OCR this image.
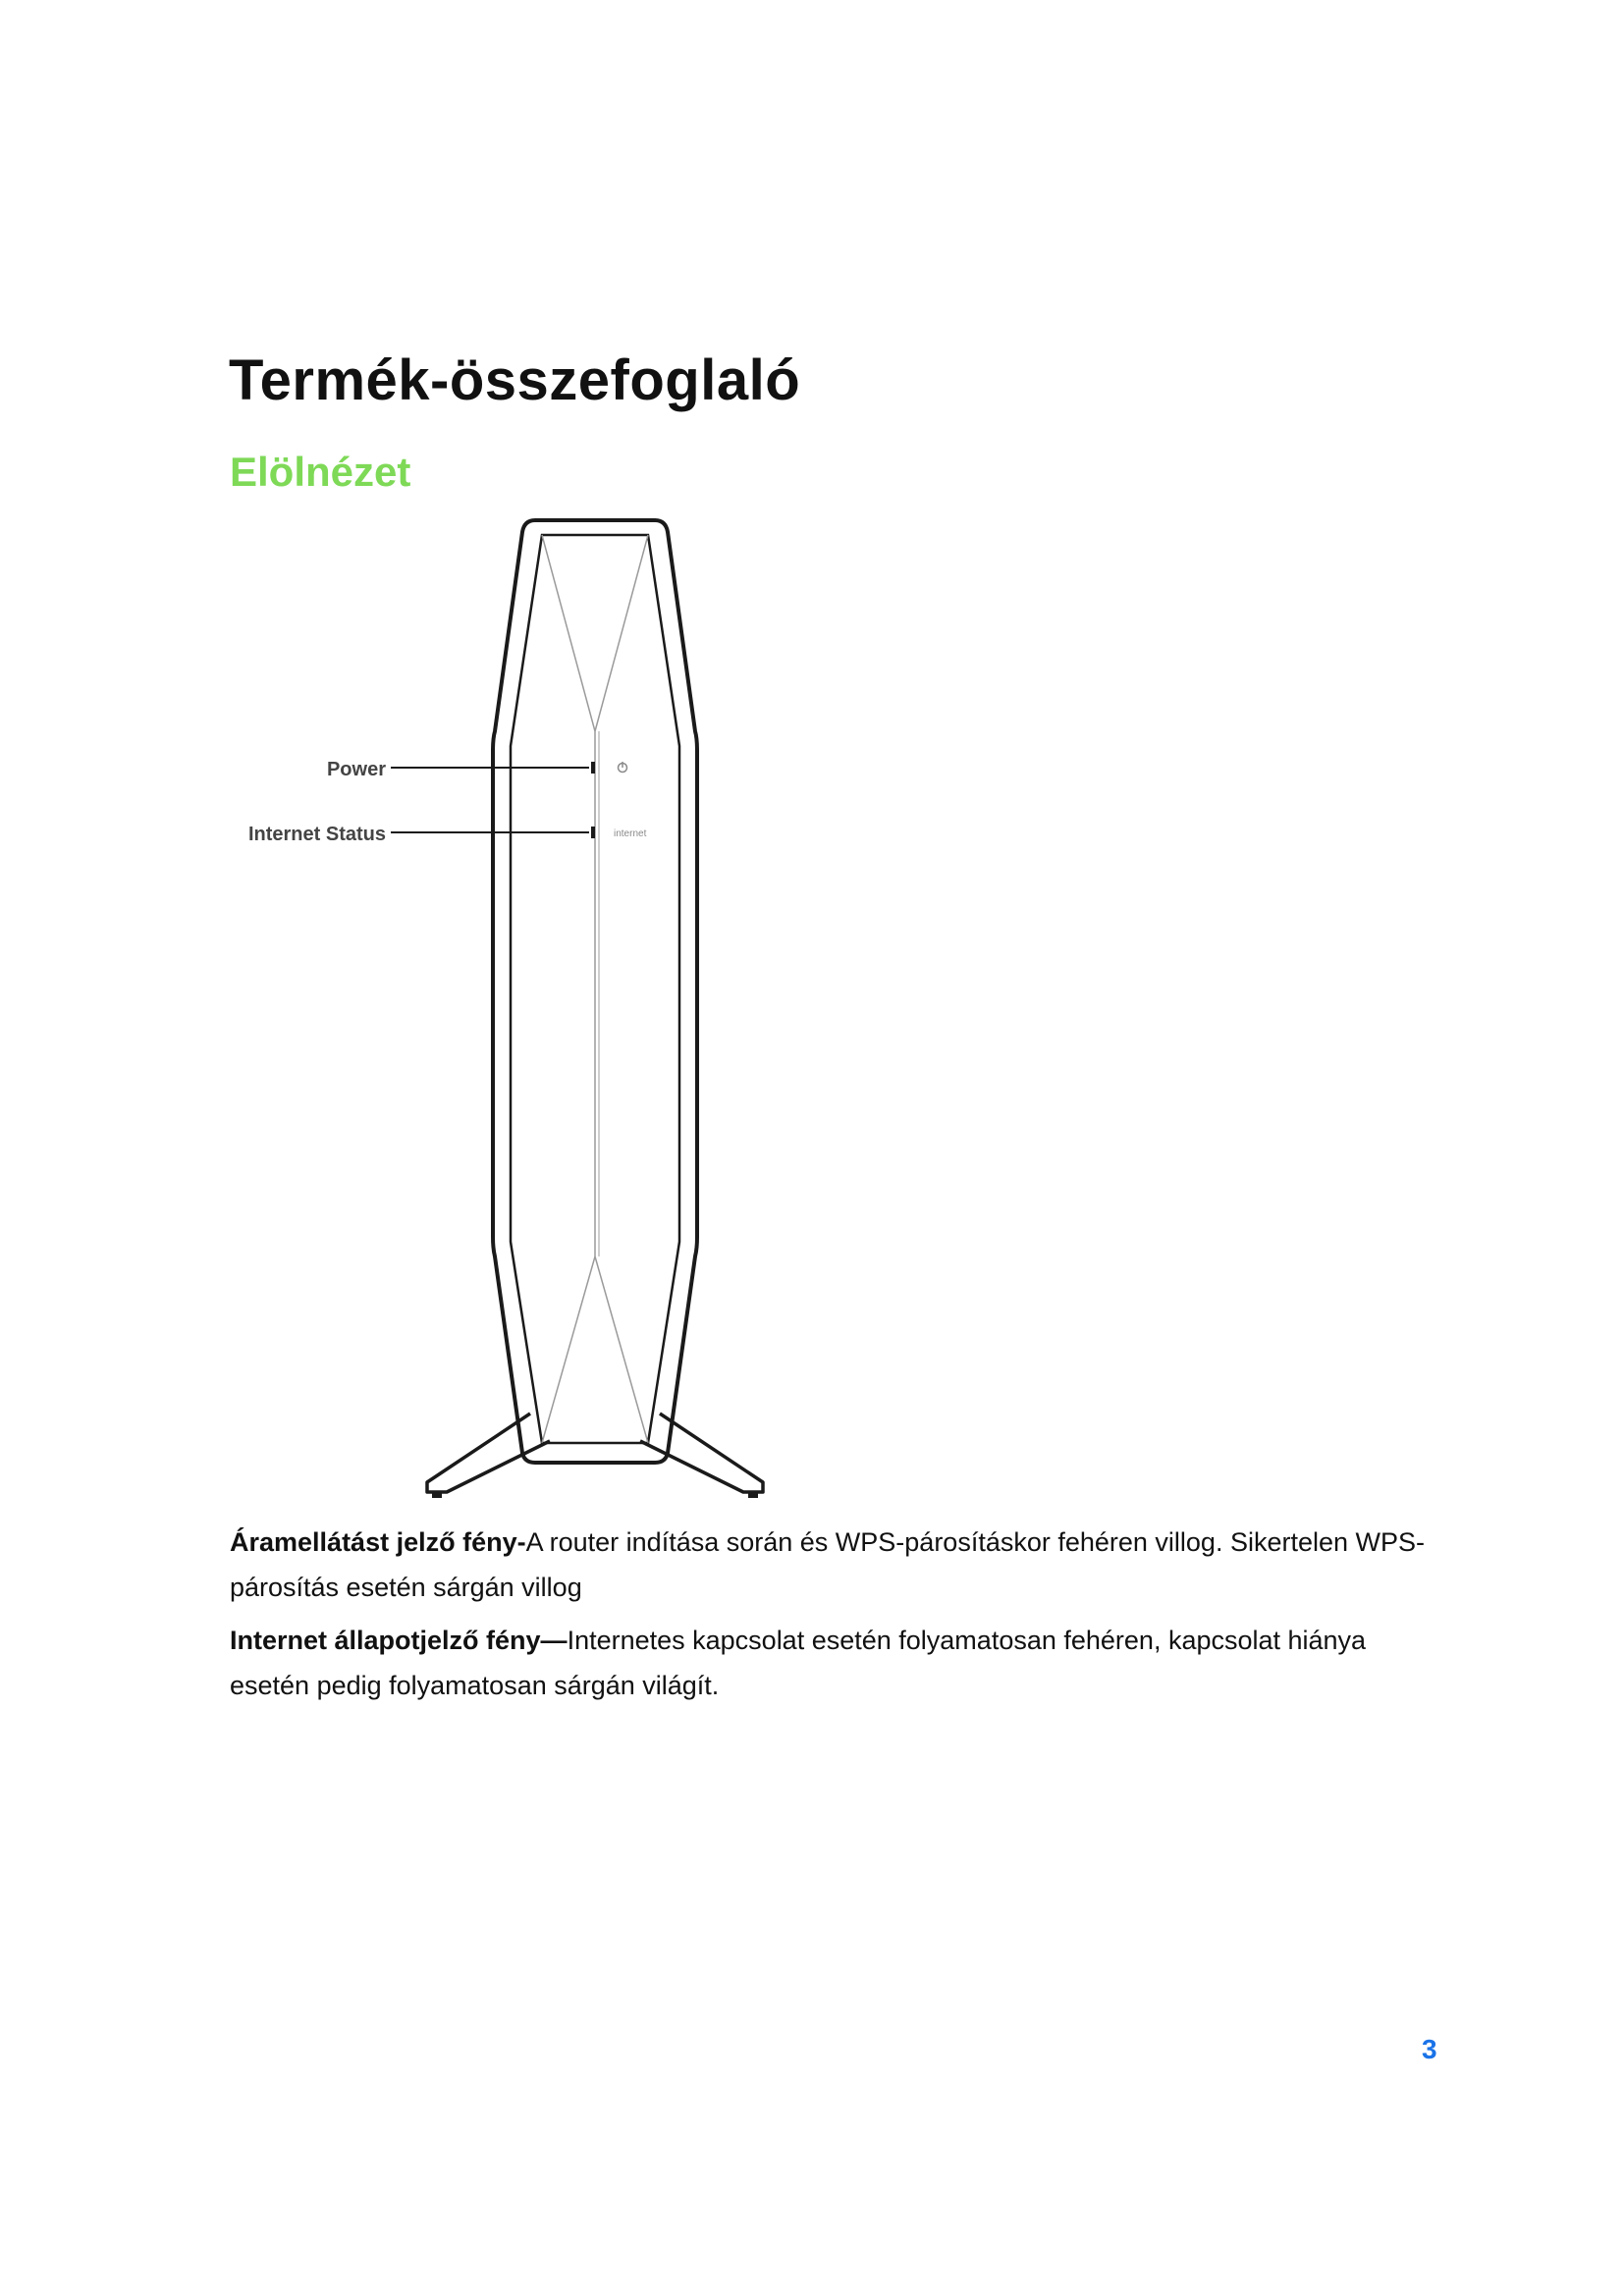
Termék-összefoglaló
Elölnézet
internet
Power
Internet Status

Áramellátást jelző fény-A router indítása során és WPS-párosításkor fehéren villog. Sikertelen WPS-párosítás esetén sárgán villog

Internet állapotjelző fény—Internetes kapcsolat esetén folyamatosan fehéren, kapcsolat hiánya esetén pedig folyamatosan sárgán világít.

3
